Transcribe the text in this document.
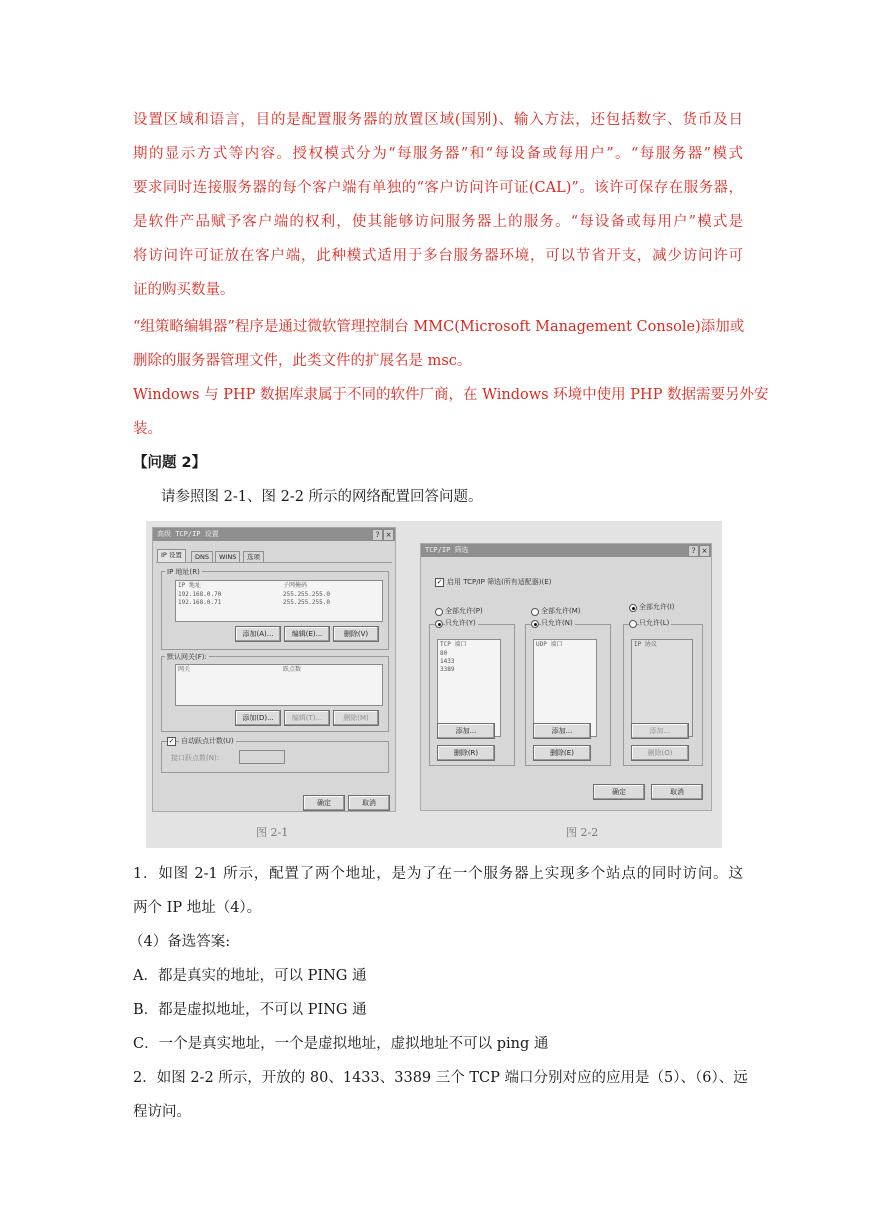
设置区域和语言，目的是配置服务器的放置区域(国别)、输入方法，还包括数字、货币及日
期的显示方式等内容。授权模式分为“每服务器”和“每设备或每用户”。“每服务器”模式
要求同时连接服务器的每个客户端有单独的“客户访问许可证(CAL)”。该许可保存在服务器，
是软件产品赋予客户端的权利，使其能够访问服务器上的服务。“每设备或每用户”模式是
将访问许可证放在客户端，此种模式适用于多台服务器环境，可以节省开支，减少访问许可
证的购买数量。
“组策略编辑器”程序是通过微软管理控制台 MMC(Microsoft Management Console)添加或
删除的服务器管理文件，此类文件的扩展名是 msc。
Windows 与 PHP 数据库隶属于不同的软件厂商，在 Windows 环境中使用 PHP 数据需要另外安
装。
【问题 2】
请参照图 2-1、图 2-2 所示的网络配置回答问题。
高级 TCP/IP 设置	? ×
IP 设置	DNS	WINS	选项
IP 地址(R)
IP 地址	子网掩码
192.168.0.70	255.255.255.0
192.168.0.71	255.255.255.0
添加(A)...	编辑(E)...	删除(V)
默认网关(F):
网关	跃点数
添加(D)...	编辑(T)...	删除(M)
✓ 自动跃点计数(U)
接口跃点数(N):
确定	取消
TCP/IP 筛选	? ×
✓ 启用 TCP/IP 筛选(所有适配器)(E)
全部允许(P)
只允许(Y)
TCP 端口
80
1433
3389
添加...
删除(R)
全部允许(M)
只允许(N)
UDP 端口
添加...
删除(E)
全部允许(I)
只允许(L)
IP 协议
添加...
删除(O)
确定	取消
图 2-1	图 2-2
1．如图 2-1 所示，配置了两个地址，是为了在一个服务器上实现多个站点的同时访问。这
两个 IP 地址（4）。
（4）备选答案:
A．都是真实的地址，可以 PING 通
B．都是虚拟地址，不可以 PING 通
C．一个是真实地址，一个是虚拟地址，虚拟地址不可以 ping 通
2．如图 2-2 所示，开放的 80、1433、3389 三个 TCP 端口分别对应的应用是（5）、（6）、远
程访问。
